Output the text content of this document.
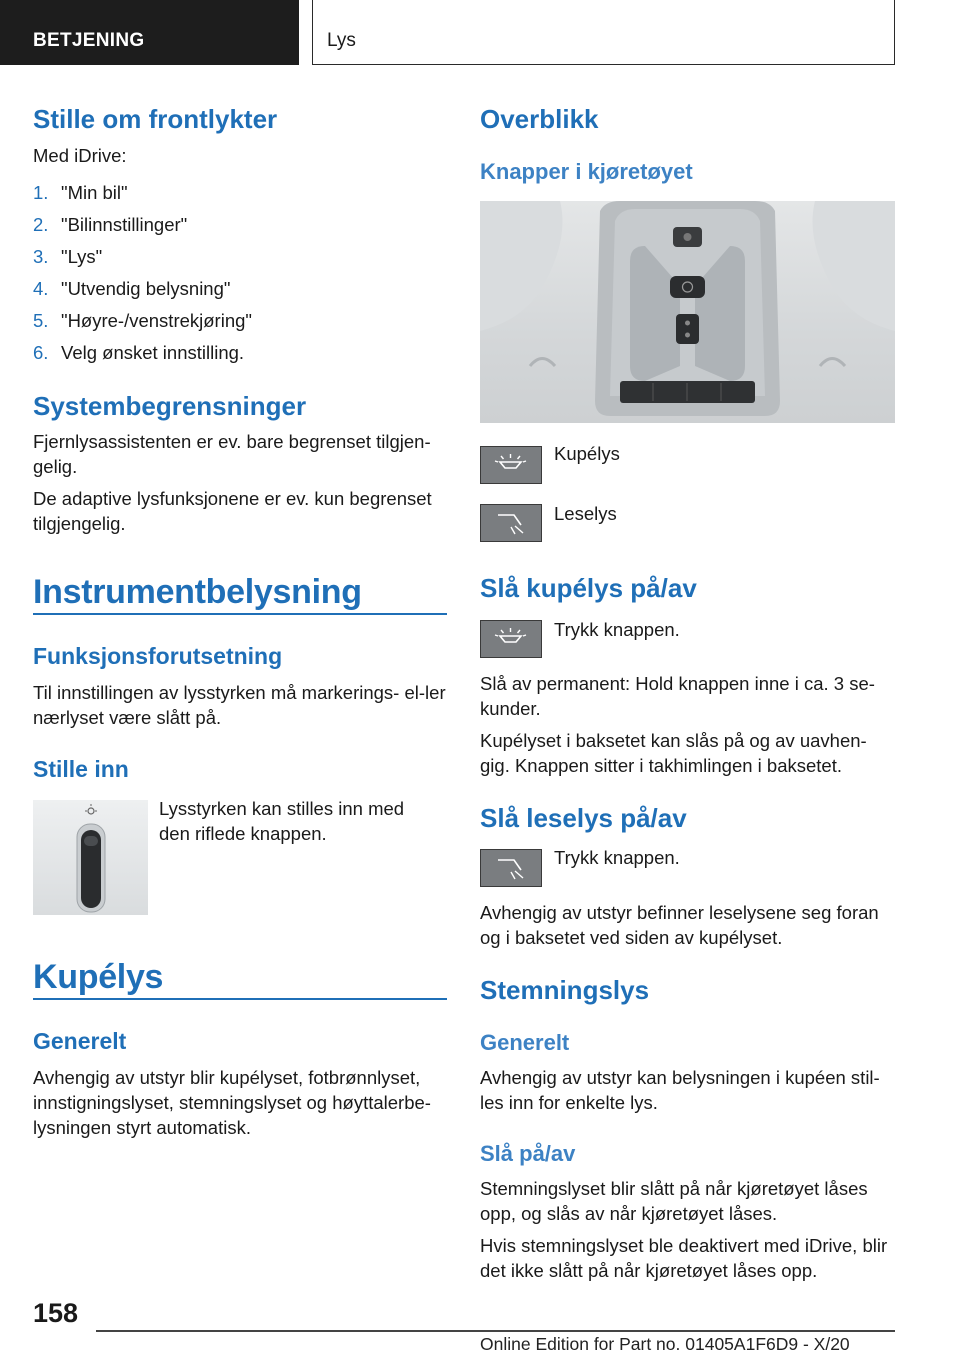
BETJENING	Lys
Stille om frontlykter

Med iDrive:

1. "Min bil"
2. "Bilinnstillinger"
3. "Lys"
4. "Utvendig belysning"
5. "Høyre-/venstrekjøring"
6. Velg ønsket innstilling.
Systembegrensninger

Fjernlysassistenten er ev. bare begrenset tilgjen-gelig.

De adaptive lysfunksjonene er ev. kun begrenset tilgjengelig.

Instrumentbelysning
Funksjonsforutsetning

Til innstillingen av lysstyrken må markerings- el-ler nærlyset være slått på.

Stille inn

Lysstyrken kan stilles inn med den riflede knappen.

Kupélys
Generelt

Avhengig av utstyr blir kupélyset, fotbrønnlyset, innstigningslyset, stemningslyset og høyttalerbe-lysningen styrt automatisk.

Overblikk
Knapper i kjøretøyet

Kupélys

Leselys

Slå kupélys på/av

Trykk knappen.

Slå av permanent: Hold knappen inne i ca. 3 se-kunder.

Kupélyset i baksetet kan slås på og av uavhen-gig. Knappen sitter i takhimlingen i baksetet.

Slå leselys på/av

Trykk knappen.

Avhengig av utstyr befinner leselysene seg foran og i baksetet ved siden av kupélyset.

Stemningslys
Generelt

Avhengig av utstyr kan belysningen i kupéen stil-les inn for enkelte lys.

Slå på/av

Stemningslyset blir slått på når kjøretøyet låses opp, og slås av når kjøretøyet låses.

Hvis stemningslyset ble deaktivert med iDrive, blir det ikke slått på når kjøretøyet låses opp.

158
Online Edition for Part no. 01405A1F6D9 - X/20
